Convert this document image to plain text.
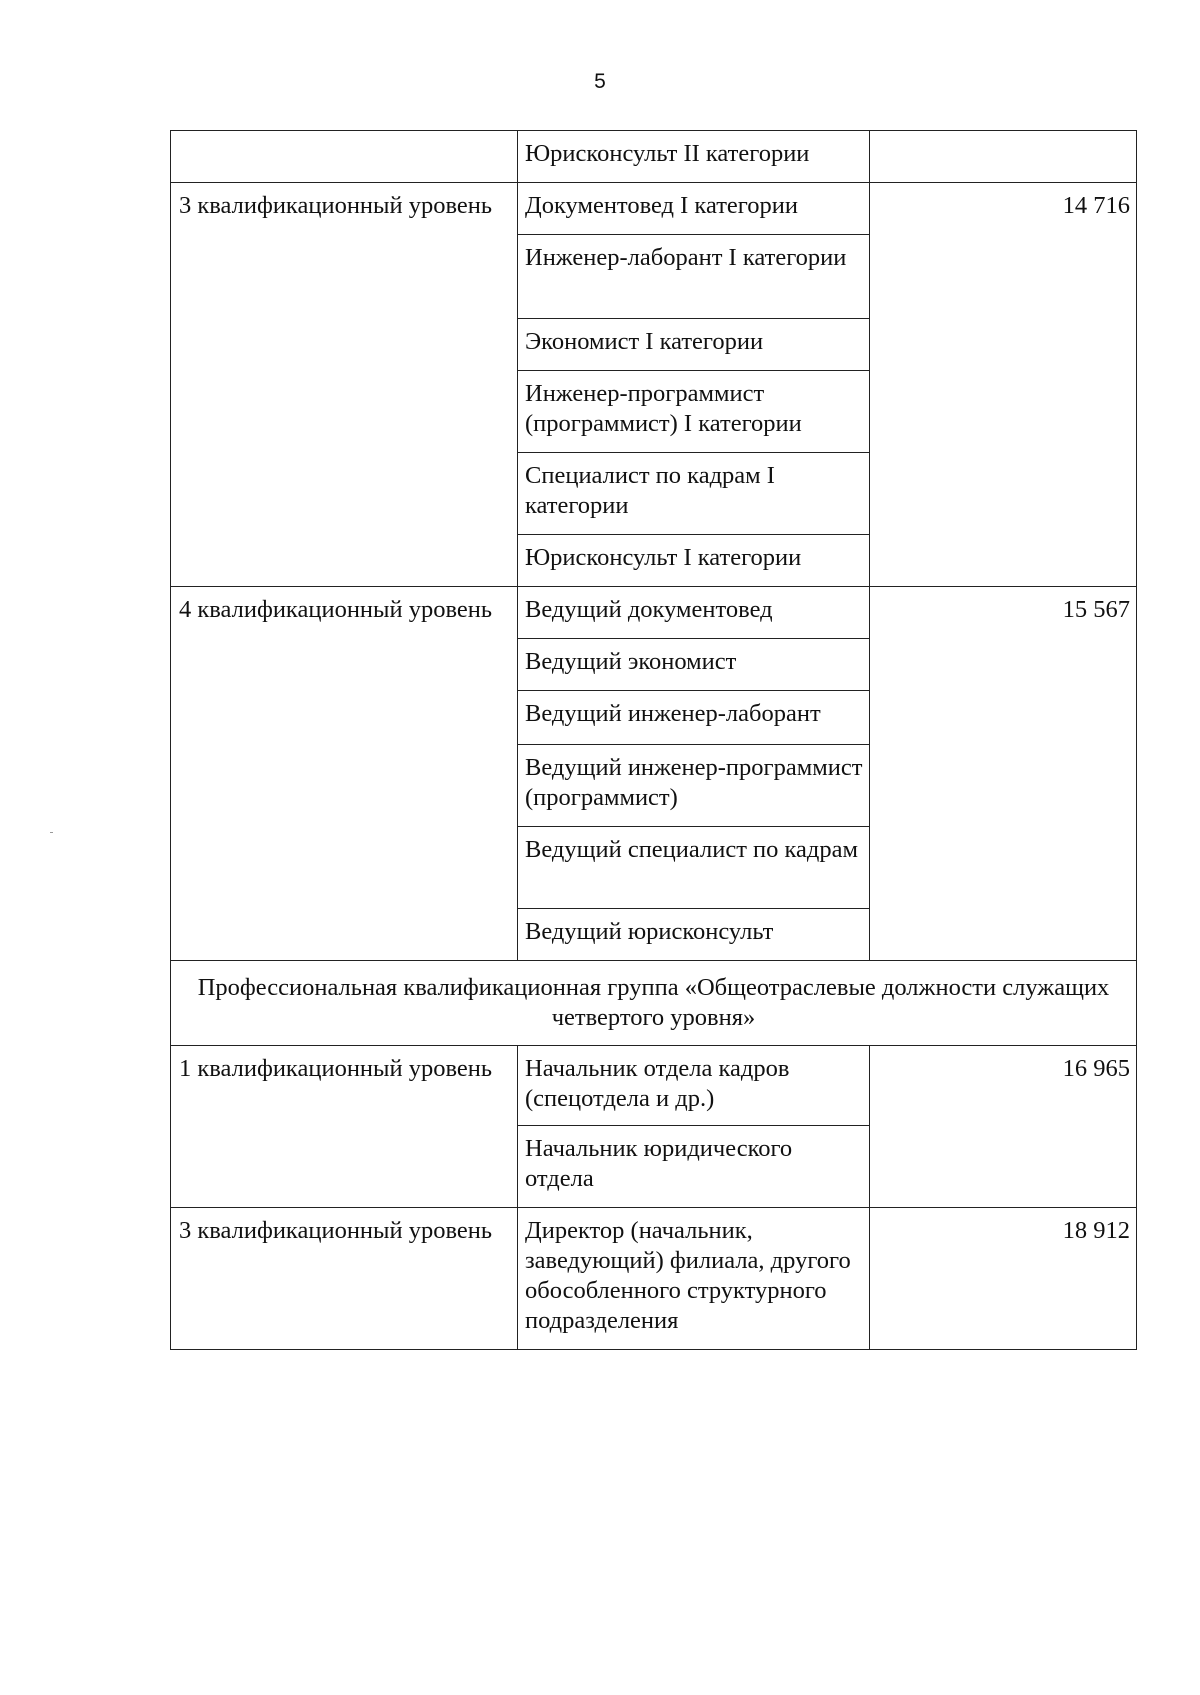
5
	Юрисконсульт II категории	
3 квалификационный уровень	Документовед I категории	14 716
	Инженер-лаборант I категории	
	Экономист I категории	
	Инженер-программист (программист) I категории	
	Специалист по кадрам I категории	
	Юрисконсульт I категории	
4 квалификационный уровень	Ведущий документовед	15 567
	Ведущий экономист	
	Ведущий инженер-лаборант	
	Ведущий инженер-программист (программист)	
	Ведущий специалист по кадрам	
	Ведущий юрисконсульт	
Профессиональная квалификационная группа «Общеотраслевые должности служащих четвертого уровня»		
1 квалификационный уровень	Начальник отдела кадров (спецотдела и др.)	16 965
	Начальник юридического отдела	
3 квалификационный уровень	Директор (начальник, заведующий) филиала, другого обособленного структурного подразделения	18 912
